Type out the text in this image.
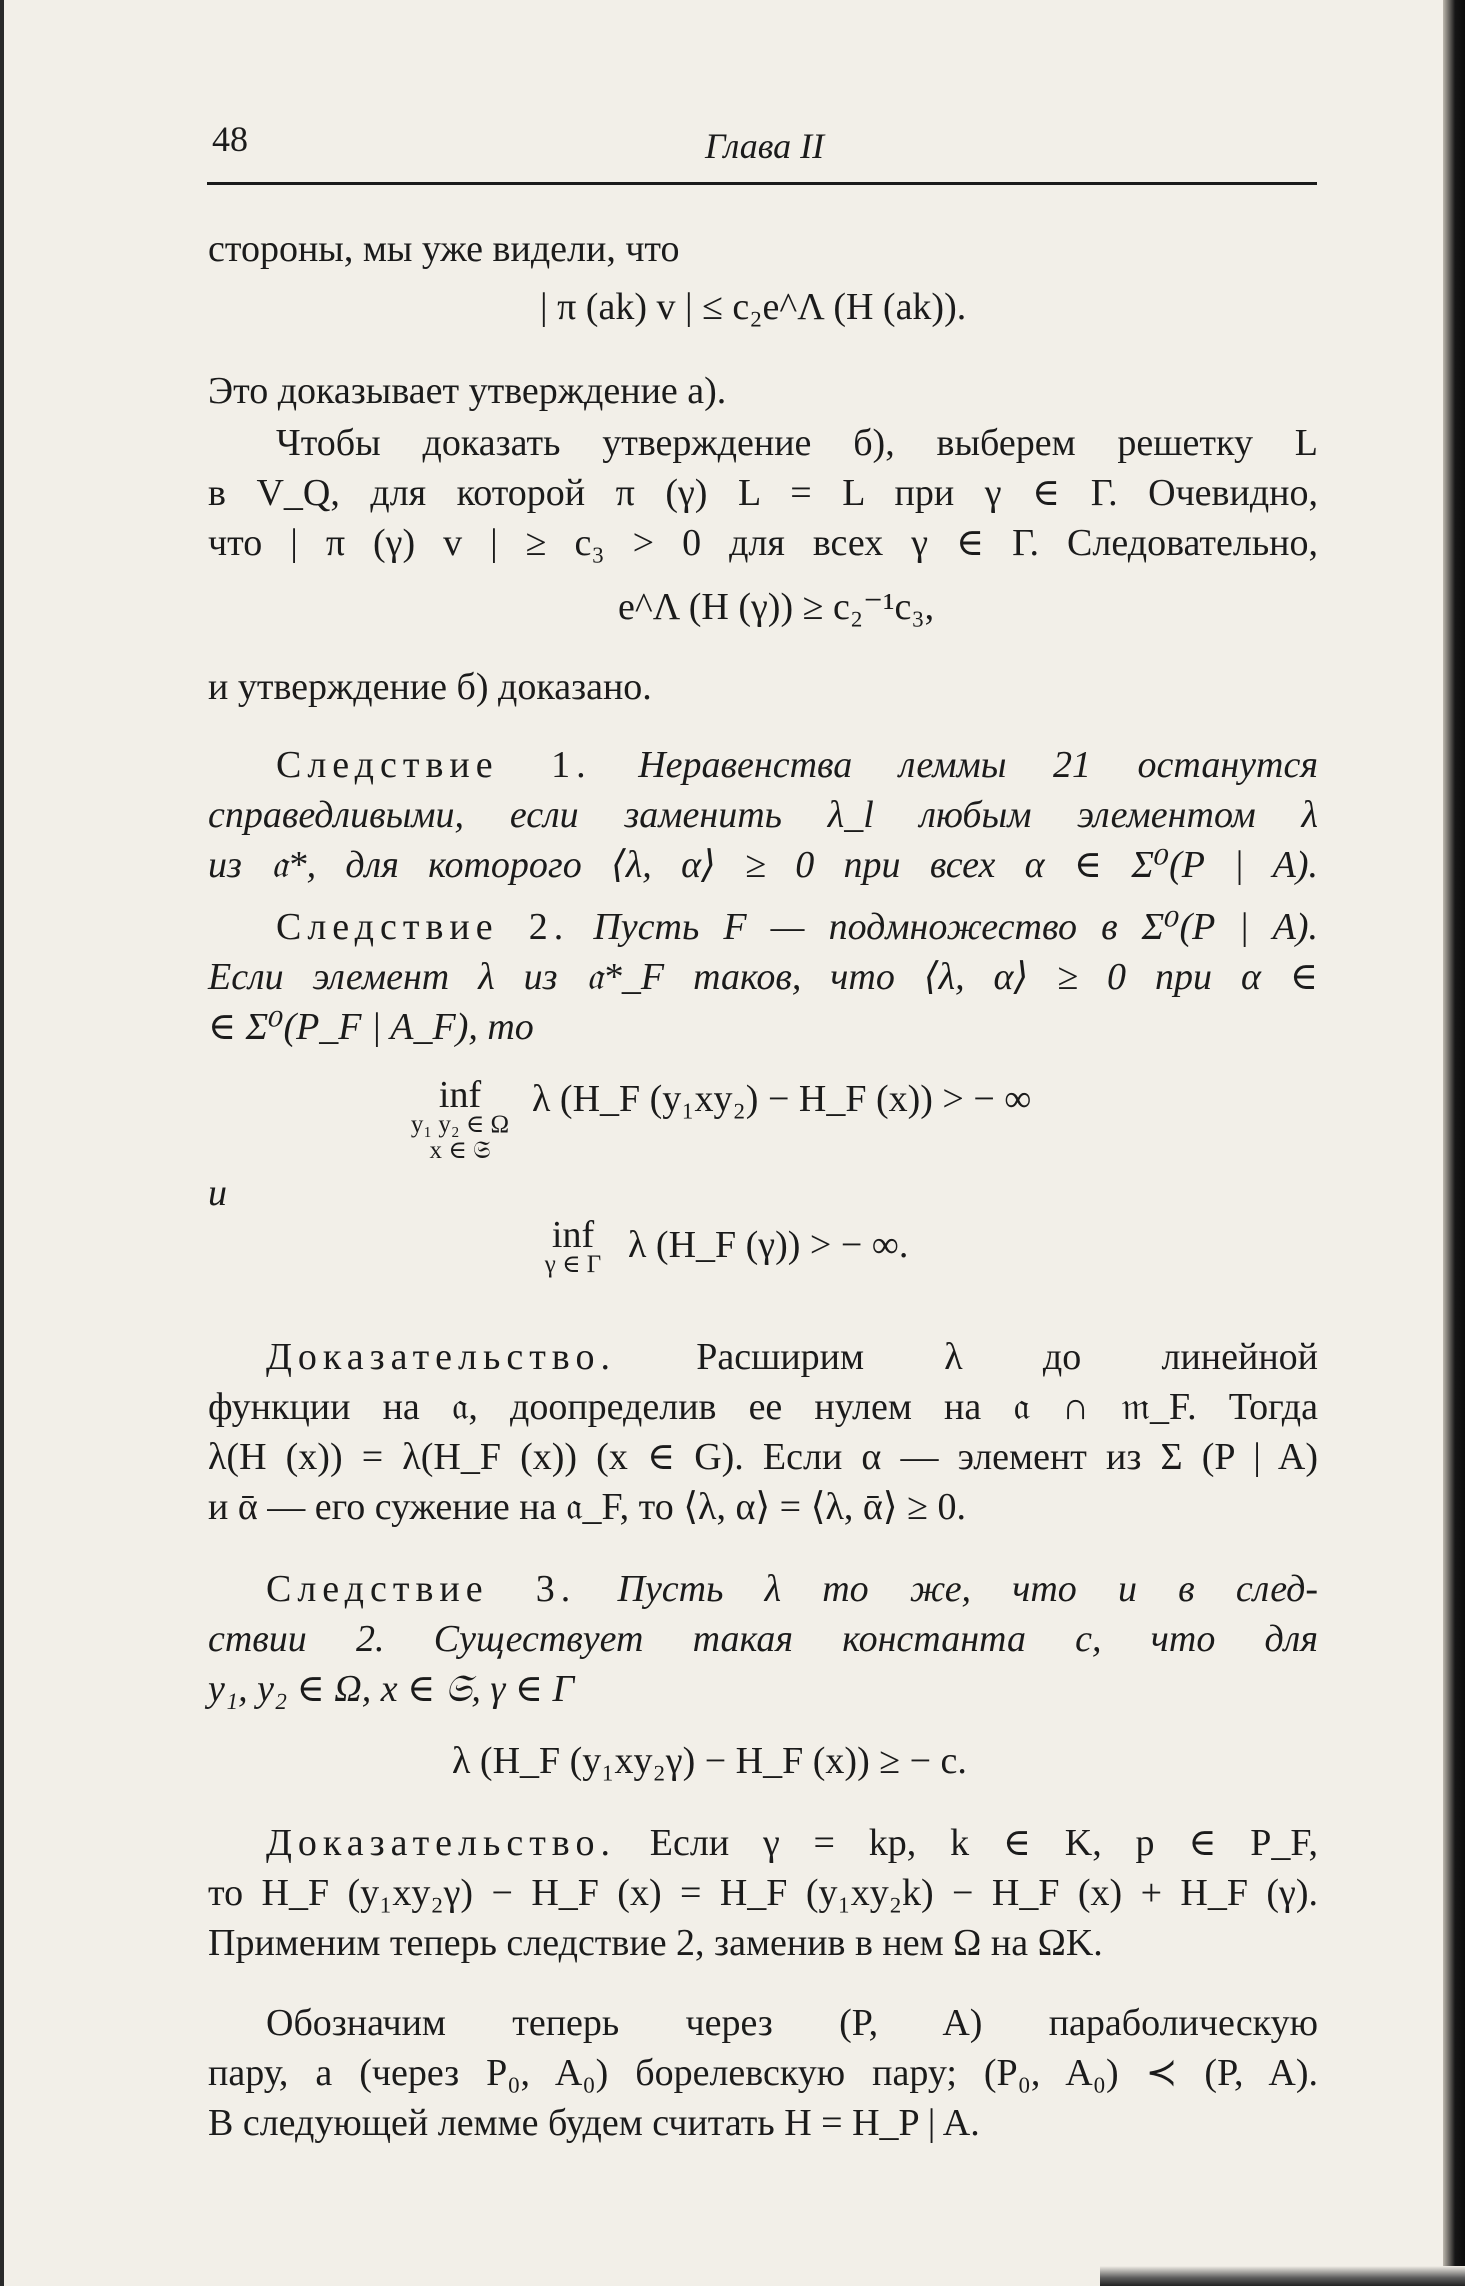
48	Глава II
стороны, мы уже видели, что
| π (ak) v | ≤ c₂e^Λ (H (ak)).
Это доказывает утверждение а).
Чтобы доказать утверждение б), выберем решетку L
в V_Q, для которой π (γ) L = L при γ ∈ Γ. Очевидно,
что | π (γ) v | ≥ c₃ > 0 для всех γ ∈ Γ. Следовательно,
e^Λ (H (γ)) ≥ c₂⁻¹c₃,
и утверждение б) доказано.
Следствие 1. Неравенства леммы 21 останутся
справедливыми, если заменить λ_l любым элементом λ
из 𝔞*, для которого ⟨λ, α⟩ ≥ 0 при всех α ∈ Σ⁰(P | A).
Следствие 2. Пусть F — подмножество в Σ⁰(P | A).
Если элемент λ из 𝔞*_F таков, что ⟨λ, α⟩ ≥ 0 при α ∈
∈ Σ⁰(P_F | A_F), то
inf
y₁ y₂ ∈ Ω
x ∈ 𝔖
λ (H_F (y₁xy₂) − H_F (x)) > − ∞
и
inf
γ ∈ Γ λ (H_F (γ)) > − ∞.
Доказательство. Расширим λ до линейной
функции на 𝔞, доопределив ее нулем на 𝔞 ∩ 𝔪_F. Тогда
λ(H (x)) = λ(H_F (x)) (x ∈ G). Если α — элемент из Σ (P | A)
и ᾱ — его сужение на 𝔞_F, то ⟨λ, α⟩ = ⟨λ, ᾱ⟩ ≥ 0.
Следствие 3. Пусть λ то же, что и в след-
ствии 2. Существует такая константа c, что для
y₁, y₂ ∈ Ω, x ∈ 𝔖, γ ∈ Γ
λ (H_F (y₁xy₂γ) − H_F (x)) ≥ − c.
Доказательство. Если γ = kp, k ∈ K, p ∈ P_F,
то H_F (y₁xy₂γ) − H_F (x) = H_F (y₁xy₂k) − H_F (x) + H_F (γ).
Применим теперь следствие 2, заменив в нем Ω на ΩK.
Обозначим теперь через (P, A) параболическую
пару, а (через P₀, A₀) борелевскую пару; (P₀, A₀) ≺ (P, A).
В следующей лемме будем считать H = H_P | A.
